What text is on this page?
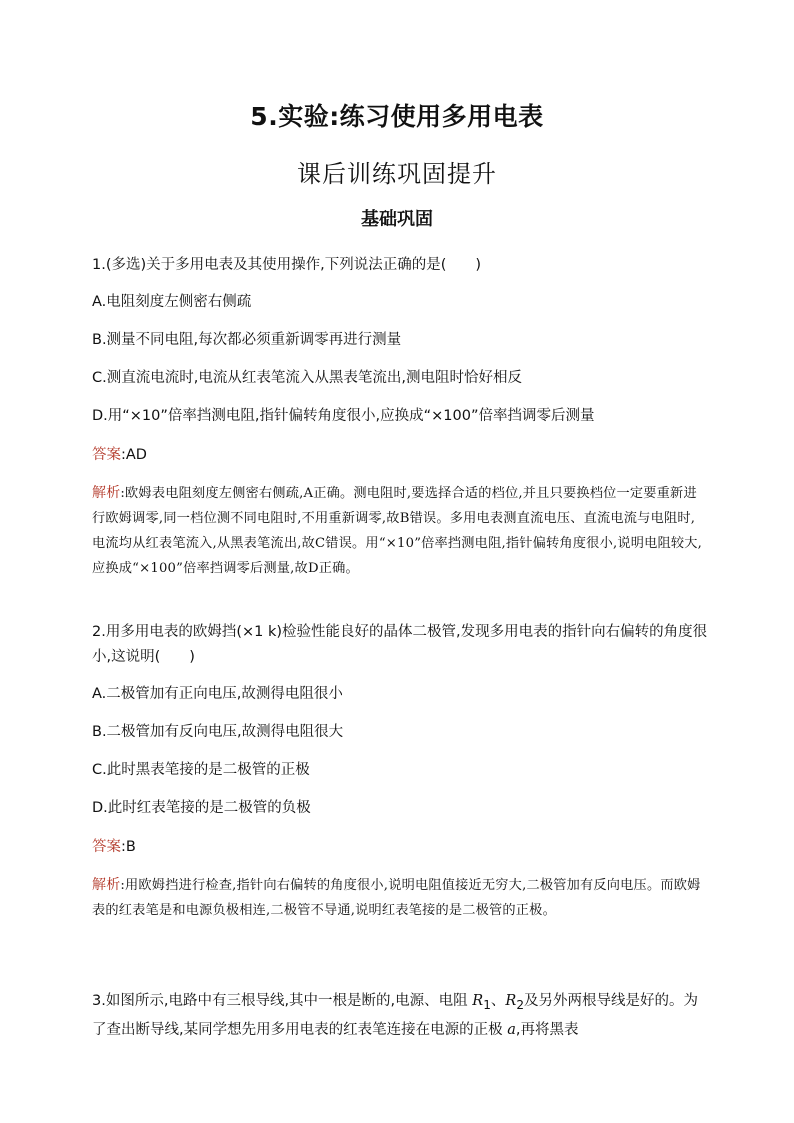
5.实验:练习使用多用电表
课后训练巩固提升
基础巩固
1.(多选)关于多用电表及其使用操作,下列说法正确的是(　　)
A.电阻刻度左侧密右侧疏
B.测量不同电阻,每次都必须重新调零再进行测量
C.测直流电流时,电流从红表笔流入从黑表笔流出,测电阻时恰好相反
D.用“×10”倍率挡测电阻,指针偏转角度很小,应换成“×100”倍率挡调零后测量
答案:AD
解析:欧姆表电阻刻度左侧密右侧疏,A正确。测电阻时,要选择合适的档位,并且只要换档位一定要重新进行欧姆调零,同一档位测不同电阻时,不用重新调零,故B错误。多用电表测直流电压、直流电流与电阻时,电流均从红表笔流入,从黑表笔流出,故C错误。用“×10”倍率挡测电阻,指针偏转角度很小,说明电阻较大,应换成“×100”倍率挡调零后测量,故D正确。
2.用多用电表的欧姆挡(×1 k)检验性能良好的晶体二极管,发现多用电表的指针向右偏转的角度很小,这说明(　　)
A.二极管加有正向电压,故测得电阻很小
B.二极管加有反向电压,故测得电阻很大
C.此时黑表笔接的是二极管的正极
D.此时红表笔接的是二极管的负极
答案:B
解析:用欧姆挡进行检查,指针向右偏转的角度很小,说明电阻值接近无穷大,二极管加有反向电压。而欧姆表的红表笔是和电源负极相连,二极管不导通,说明红表笔接的是二极管的正极。
3.如图所示,电路中有三根导线,其中一根是断的,电源、电阻 $R_1$、$R_2$及另外两根导线是好的。为了查出断导线,某同学想先用多用电表的红表笔连接在电源的正极 a,再将黑表
